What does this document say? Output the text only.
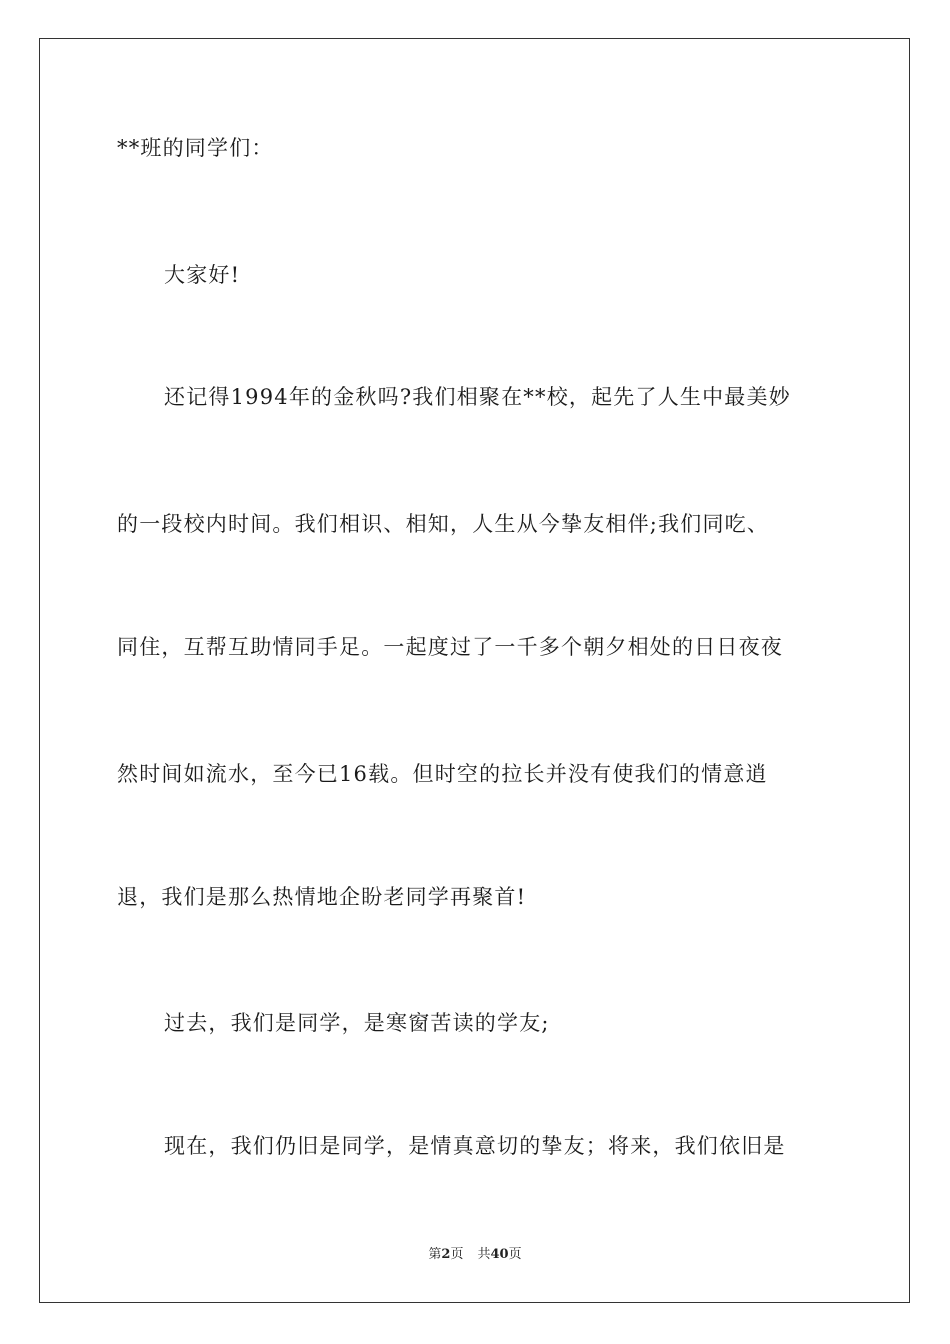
**班的同学们：
大家好!
还记得1994年的金秋吗?我们相聚在**校，起先了人生中最美妙
的一段校内时间。我们相识、相知，人生从今挚友相伴;我们同吃、
同住，互帮互助情同手足。一起度过了一千多个朝夕相处的日日夜夜
然时间如流水，至今已16载。但时空的拉长并没有使我们的情意逍
退，我们是那么热情地企盼老同学再聚首!
过去，我们是同学，是寒窗苦读的学友;
现在，我们仍旧是同学，是情真意切的挚友；将来，我们依旧是
第2页 共40页
